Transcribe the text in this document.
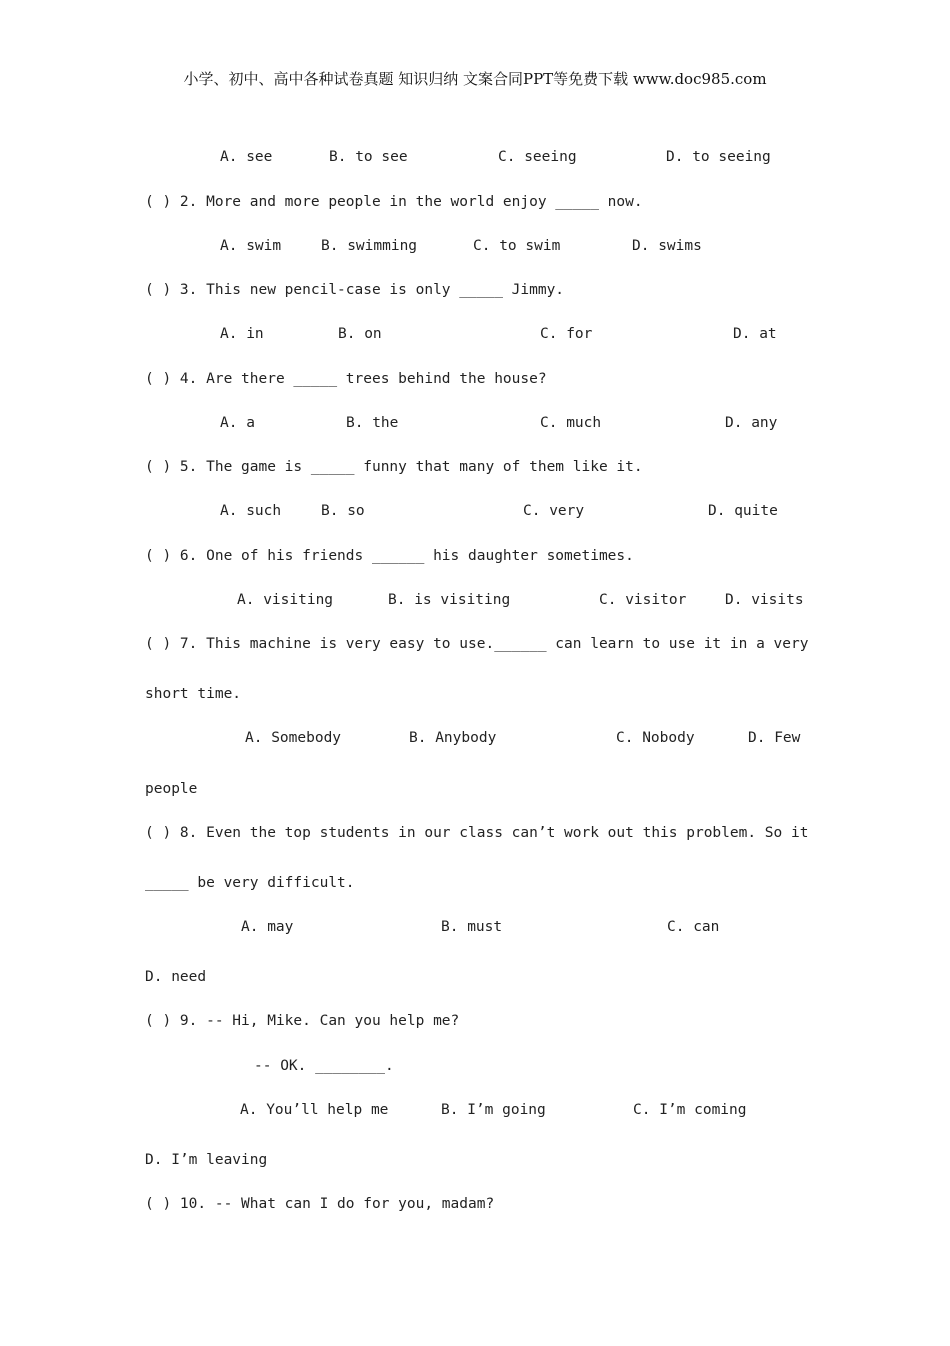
小学、初中、高中各种试卷真题 知识归纳 文案合同PPT等免费下载 www.doc985.com
A. see	B. to see	C. seeing	D. to seeing
( ) 2. More and more people in the world enjoy _____ now.
A. swim	B. swimming	C. to swim	D. swims
( ) 3. This new pencil-case is only _____ Jimmy.
A. in	B. on	C. for	D. at
( ) 4. Are there _____ trees behind the house?
A. a	B. the	C. much	D. any
( ) 5. The game is _____ funny that many of them like it.
A. such	B. so	C. very	D. quite
( ) 6. One of his friends ______ his daughter sometimes.
A. visiting	B. is visiting	C. visitor	D. visits
( ) 7. This machine is very easy to use.______ can learn to use it in a very
short time.
A. Somebody	B. Anybody	C. Nobody	D. Few
people
( ) 8. Even the top students in our class can’t work out this problem. So it
_____ be very difficult.
A. may	B. must	C. can
D. need
( ) 9. -- Hi, Mike. Can you help me?
-- OK. ________.
A. You’ll help me	B. I’m going	C. I’m coming
D. I’m leaving
( ) 10. -- What can I do for you, madam?
